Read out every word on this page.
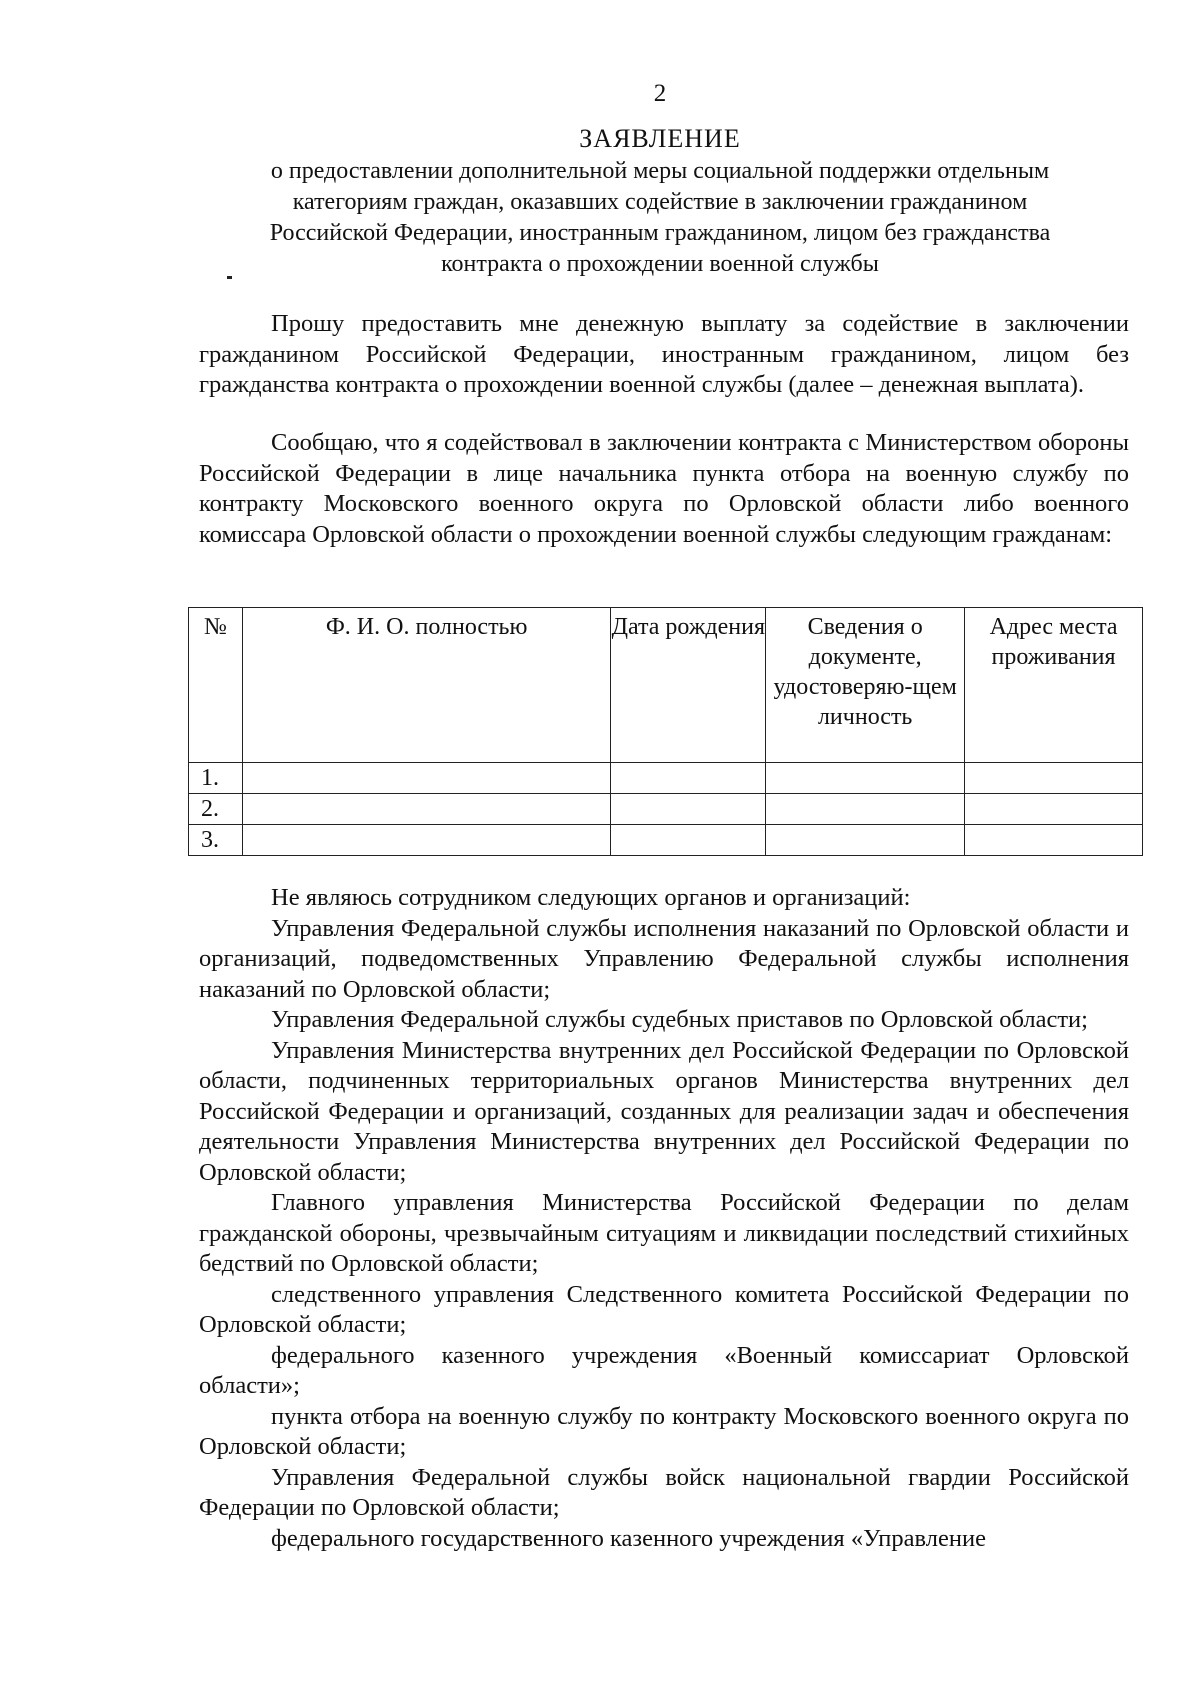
2
ЗАЯВЛЕНИЕ
о предоставлении дополнительной меры социальной поддержки отдельным
категориям граждан, оказавших содействие в заключении гражданином
Российской Федерации, иностранным гражданином, лицом без гражданства
контракта о прохождении военной службы

Прошу предоставить мне денежную выплату за содействие в заключении гражданином Российской Федерации, иностранным гражданином, лицом без гражданства контракта о прохождении военной службы (далее – денежная выплата).

Сообщаю, что я содействовал в заключении контракта с Министерством обороны Российской Федерации в лице начальника пункта отбора на военную службу по контракту Московского военного округа по Орловской области либо военного комиссара Орловской области о прохождении военной службы следующим гражданам:

№	Ф. И. О. полностью	Дата рождения	Сведения о документе, удостоверяю-щем личность	Адрес места проживания
1.				
2.				
3.				

Не являюсь сотрудником следующих органов и организаций:

Управления Федеральной службы исполнения наказаний по Орловской области и организаций, подведомственных Управлению Федеральной службы исполнения наказаний по Орловской области;

Управления Федеральной службы судебных приставов по Орловской области;

Управления Министерства внутренних дел Российской Федерации по Орловской области, подчиненных территориальных органов Министерства внутренних дел Российской Федерации и организаций, созданных для реализации задач и обеспечения деятельности Управления Министерства внутренних дел Российской Федерации по Орловской области;

Главного управления Министерства Российской Федерации по делам гражданской обороны, чрезвычайным ситуациям и ликвидации последствий стихийных бедствий по Орловской области;

следственного управления Следственного комитета Российской Федерации по Орловской области;

федерального казенного учреждения «Военный комиссариат Орловской области»;

пункта отбора на военную службу по контракту Московского военного округа по Орловской области;

Управления Федеральной службы войск национальной гвардии Российской Федерации по Орловской области;

федерального государственного казенного учреждения «Управление
